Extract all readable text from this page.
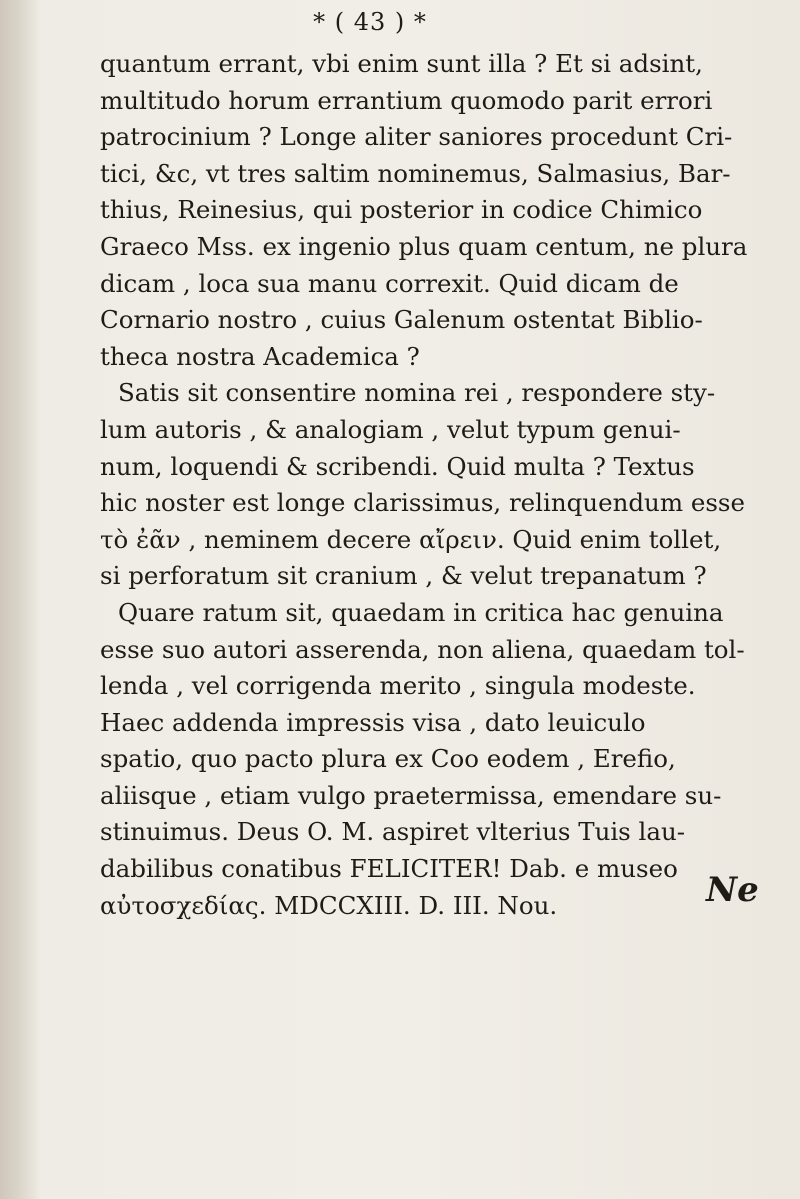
* ( 43 ) *
quantum errant, vbi enim sunt illa ? Et si adsint,
multitudo horum errantium quomodo parit errori
patrocinium ? Longe aliter saniores procedunt Cri-
tici, &c, vt tres saltim nominemus, Salmasius, Bar-
thius, Reinesius, qui posterior in codice Chimico
Graeco Mss. ex ingenio plus quam centum, ne plura
dicam , loca sua manu correxit. Quid dicam de
Cornario nostro , cuius Galenum ostentat Biblio-
theca nostra Academica ?
Satis sit consentire nomina rei , respondere sty-
lum autoris , & analogiam , velut typum genui-
num, loquendi & scribendi. Quid multa ? Textus
hic noster est longe clarissimus, relinquendum esse
τὸ ἐᾶν , neminem decere αἴρειν. Quid enim tollet,
si perforatum sit cranium , & velut trepanatum ?
Quare ratum sit, quaedam in critica hac genuina
esse suo autori asserenda, non aliena, quaedam tol-
lenda , vel corrigenda merito , singula modeste.
Haec addenda impressis visa , dato leuiculo
spatio, quo pacto plura ex Coo eodem , Erefio,
aliisque , etiam vulgo praetermissa, emendare su-
stinuimus. Deus O. M. aspiret vlterius Tuis lau-
dabilibus conatibus FELICITER! Dab. e museo
αὐτοσχεδίας. MDCCXIII. D. III. Nou.	Ne
